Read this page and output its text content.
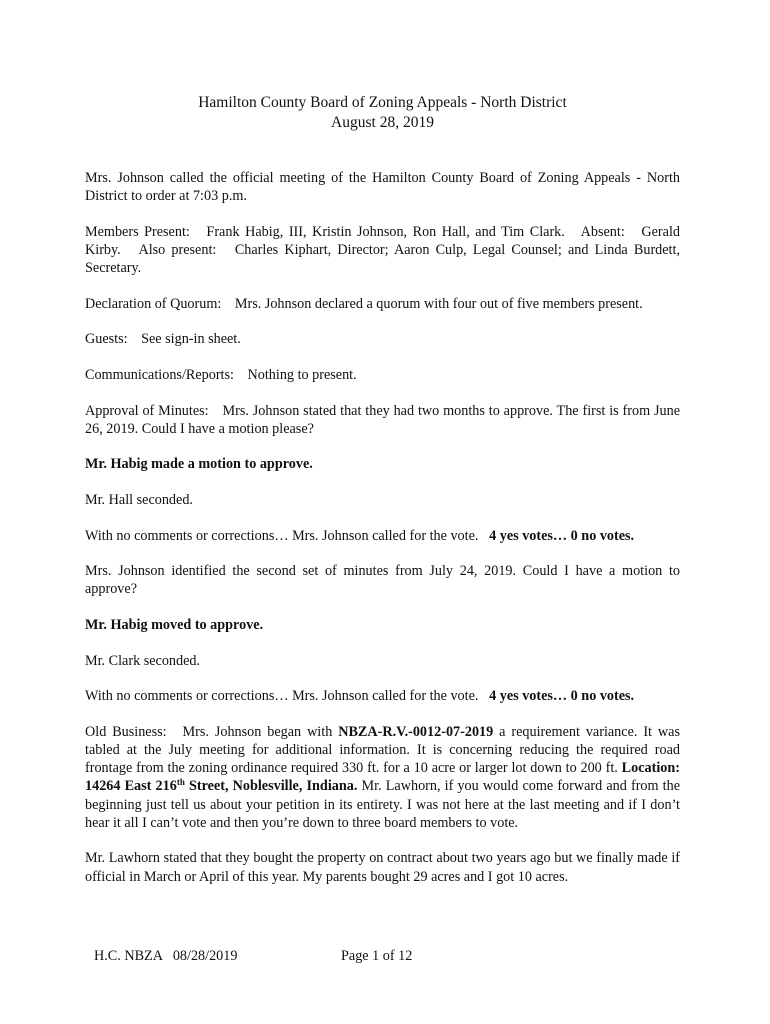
Hamilton County Board of Zoning Appeals - North District
August 28, 2019

Mrs. Johnson called the official meeting of the Hamilton County Board of Zoning Appeals - North District to order at 7:03 p.m.

Members Present:   Frank Habig, III, Kristin Johnson, Ron Hall, and Tim Clark.   Absent:   Gerald Kirby.   Also present:   Charles Kiphart, Director; Aaron Culp, Legal Counsel; and Linda Burdett, Secretary.

Declaration of Quorum: Mrs. Johnson declared a quorum with four out of five members present.

Guests: See sign-in sheet.

Communications/Reports: Nothing to present.

Approval of Minutes: Mrs. Johnson stated that they had two months to approve. The first is from June 26, 2019. Could I have a motion please?

Mr. Habig made a motion to approve.

Mr. Hall seconded.

With no comments or corrections… Mrs. Johnson called for the vote. 4 yes votes… 0 no votes.

Mrs. Johnson identified the second set of minutes from July 24, 2019. Could I have a motion to approve?

Mr. Habig moved to approve.

Mr. Clark seconded.

With no comments or corrections… Mrs. Johnson called for the vote. 4 yes votes… 0 no votes.

Old Business: Mrs. Johnson began with NBZA-R.V.-0012-07-2019 a requirement variance. It was tabled at the July meeting for additional information. It is concerning reducing the required road frontage from the zoning ordinance required 330 ft. for a 10 acre or larger lot down to 200 ft. Location: 14264 East 216th Street, Noblesville, Indiana. Mr. Lawhorn, if you would come forward and from the beginning just tell us about your petition in its entirety. I was not here at the last meeting and if I don’t hear it all I can’t vote and then you’re down to three board members to vote.

Mr. Lawhorn stated that they bought the property on contract about two years ago but we finally made if official in March or April of this year. My parents bought 29 acres and I got 10 acres.

H.C. NBZA   08/28/2019	Page 1 of 12
